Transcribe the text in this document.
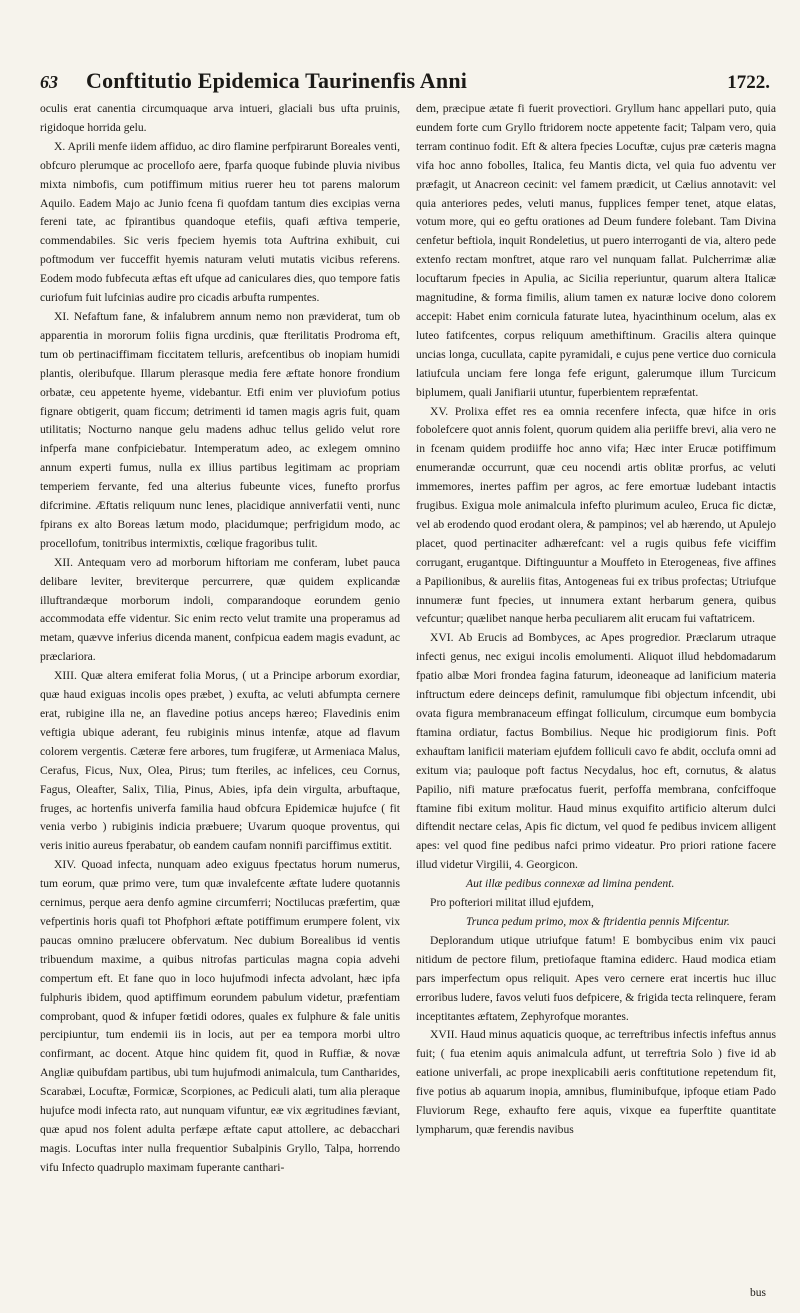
63	Conftitutio Epidemica Taurinenfis Anni	1722.

oculis erat canentia circumquaque arva intueri, glaciali bus ufta pruinis, rigidoque horrida gelu.

X. Aprili menfe iidem affiduo, ac diro flamine perfpirarunt Boreales venti, obfcuro plerumque ac procellofo aere, fparfa quoque fubinde pluvia nivibus mixta nimbofis, cum potiffimum mitius ruerer heu tot parens malorum Aquilo. Eadem Majo ac Junio fcena fi quofdam tantum dies excipias verna fereni tate, ac fpirantibus quandoque etefiis, quafi æftiva temperie, commendabiles. Sic veris fpeciem hyemis tota Auftrina exhibuit, cui poftmodum ver fucceffit hyemis naturam veluti mutatis vicibus referens. Eodem modo fubfecuta æftas eft ufque ad caniculares dies, quo tempore fatis curiofum fuit lufcinias audire pro cicadis arbufta rumpentes.

XI. Nefaftum fane, & infalubrem annum nemo non præviderat, tum ob apparentia in mororum foliis figna urcdinis, quæ fterilitatis Prodroma eft, tum ob pertinaciffimam ficcitatem telluris, arefcentibus ob inopiam humidi plantis, oleribufque. Illarum plerasque media fere æftate honore frondium orbatæ, ceu appetente hyeme, videbantur. Etfi enim ver pluviofum potius fignare obtigerit, quam ficcum; detrimenti id tamen magis agris fuit, quam utilitatis; Nocturno nanque gelu madens adhuc tellus gelido velut rore infperfa mane confpiciebatur. Intemperatum adeo, ac exlegem omnino annum experti fumus, nulla ex illius partibus legitimam ac propriam temperiem fervante, fed una alterius fubeunte vices, funefto prorfus difcrimine. Æftatis reliquum nunc lenes, placidique anniverfatii venti, nunc fpirans ex alto Boreas lætum modo, placidumque; perfrigidum modo, ac procellofum, tonitribus intermixtis, cœlique fragoribus tulit.

XII. Antequam vero ad morborum hiftoriam me conferam, lubet pauca delibare leviter, breviterque percurrere, quæ quidem explicandæ illuftrandæque morborum indoli, comparandoque eorundem genio accommodata effe videntur. Sic enim recto velut tramite una properamus ad metam, quævve inferius dicenda manent, confpicua eadem magis evadunt, ac præclariora.

XIII. Quæ altera emiferat folia Morus, ( ut a Principe arborum exordiar, quæ haud exiguas incolis opes præbet, ) exufta, ac veluti abfumpta cernere erat, rubigine illa ne, an flavedine potius anceps hæreo; Flavedinis enim veftigia ubique aderant, feu rubiginis minus intenfæ, atque ad flavum colorem vergentis. Cæteræ fere arbores, tum frugiferæ, ut Armeniaca Malus, Cerafus, Ficus, Nux, Olea, Pirus; tum fteriles, ac infelices, ceu Cornus, Fagus, Oleafter, Salix, Tilia, Pinus, Abies, ipfa dein virgulta, arbuftaque, fruges, ac hortenfis univerfa familia haud obfcura Epidemicæ hujufce ( fit venia verbo ) rubiginis indicia præbuere; Uvarum quoque proventus, qui veris initio aureus fperabatur, ob eandem caufam nonnifi parciffimus extitit.

XIV. Quoad infecta, nunquam adeo exiguus fpectatus horum numerus, tum eorum, quæ primo vere, tum quæ invalefcente æftate ludere quotannis cernimus, perque aera denfo agmine circumferri; Noctilucas præfertim, quæ vefpertinis horis quafi tot Phofphori æftate potiffimum erumpere folent, vix paucas omnino prælucere obfervatum. Nec dubium Borealibus id ventis tribuendum maxime, a quibus nitrofas particulas magna copia advehi compertum eft. Et fane quo in loco hujufmodi infecta advolant, hæc ipfa fulphuris ibidem, quod aptiffimum eorundem pabulum videtur, præfentiam comprobant, quod & infuper fœtidi odores, quales ex fulphure & fale unitis percipiuntur, tum endemii iis in locis, aut per ea tempora morbi ultro confirmant, ac docent. Atque hinc quidem fit, quod in Ruffiæ, & novæ Angliæ quibufdam partibus, ubi tum hujufmodi animalcula, tum Cantharides, Scarabæi, Locuftæ, Formicæ, Scorpiones, ac Pediculi alati, tum alia pleraque hujufce modi infecta rato, aut nunquam vifuntur, eæ vix ægritudines fæviant, quæ apud nos folent adulta perfæpe æftate caput attollere, ac debacchari magis. Locuftas inter nulla frequentior Subalpinis Gryllo, Talpa, horrendo vifu Infecto quadruplo maximam fuperante canthari-

dem, præcipue ætate fi fuerit provectiori. Gryllum hanc appellari puto, quia eundem forte cum Gryllo ftridorem nocte appetente facit; Talpam vero, quia terram continuo fodit. Eft & altera fpecies Locuftæ, cujus præ cæteris magna vifa hoc anno fobolles, Italica, feu Mantis dicta, vel quia fuo adventu ver præfagit, ut Anacreon cecinit: vel famem prædicit, ut Cælius annotavit: vel quia anteriores pedes, veluti manus, fupplices femper tenet, atque elatas, votum more, qui eo geftu orationes ad Deum fundere folebant. Tam Divina cenfetur beftiola, inquit Rondeletius, ut puero interroganti de via, altero pede extenfo rectam monftret, atque raro vel nunquam fallat. Pulcherrimæ aliæ locuftarum fpecies in Apulia, ac Sicilia reperiuntur, quarum altera Italicæ magnitudine, & forma fimilis, alium tamen ex naturæ locive dono colorem accepit: Habet enim cornicula faturate lutea, hyacinthinum ocelum, alas ex luteo fatifcentes, corpus reliquum amethiftinum. Gracilis altera quinque uncias longa, cucullata, capite pyramidali, e cujus pene vertice duo cornicula latiufcula unciam fere longa fefe erigunt, galerumque illum Turcicum biplumem, quali Janifiarii utuntur, fuperbientem repræfentat.

XV. Prolixa effet res ea omnia recenfere infecta, quæ hifce in oris fobolefcere quot annis folent, quorum quidem alia periiffe brevi, alia vero ne in fcenam quidem prodiiffe hoc anno vifa; Hæc inter Erucæ potiffimum enumerandæ occurrunt, quæ ceu nocendi artis oblitæ prorfus, ac veluti immemores, inertes paffim per agros, ac fere emortuæ ludebant intactis frugibus. Exigua mole animalcula infefto plurimum aculeo, Eruca fic dictæ, vel ab erodendo quod erodant olera, & pampinos; vel ab hærendo, ut Apulejo placet, quod pertinaciter adhærefcant: vel a rugis quibus fefe viciffim corrugant, erugantque. Diftinguuntur a Mouffeto in Eterogeneas, five affines a Papilionibus, & aureliis fitas, Antogeneas fui ex tribus profectas; Utriufque innumeræ funt fpecies, ut innumera extant herbarum genera, quibus vefcuntur; quælibet nanque herba peculiarem alit erucam fui vaftatricem.

XVI. Ab Erucis ad Bombyces, ac Apes progredior. Præclarum utraque infecti genus, nec exigui incolis emolumenti. Aliquot illud hebdomadarum fpatio albæ Mori frondea fagina faturum, ideoneaque ad lanificium materia inftructum edere deinceps definit, ramulumque fibi objectum infcendit, ubi ovata figura membranaceum effingat folliculum, circumque eum bombycia ftamina ordiatur, factus Bombilius. Neque hic prodigiorum finis. Poft exhauftam lanificii materiam ejufdem folliculi cavo fe abdit, occlufa omni ad exitum via; pauloque poft factus Necydalus, hoc eft, cornutus, & alatus Papilio, nifi mature præfocatus fuerit, perfoffa membrana, confciffoque ftamine fibi exitum molitur. Haud minus exquifito artificio alterum dulci diftendit nectare celas, Apis fic dictum, vel quod fe pedibus invicem alligent apes: vel quod fine pedibus nafci primo videatur. Pro priori ratione facere illud videtur Virgilii, 4. Georgicon.

Aut illæ pedibus connexæ ad limina pendent.

Pro pofteriori militat illud ejufdem,

Trunca pedum primo, mox & ftridentia pennis Mifcentur.

Deplorandum utique utriufque fatum! E bombycibus enim vix pauci nitidum de pectore filum, pretiofaque ftamina ediderc. Haud modica etiam pars imperfectum opus reliquit. Apes vero cernere erat incertis huc illuc erroribus ludere, favos veluti fuos defpicere, & frigida tecta relinquere, feram inceptitantes æftatem, Zephyrofque morantes.

XVII. Haud minus aquaticis quoque, ac terreftribus infectis infeftus annus fuit; ( fua etenim aquis animalcula adfunt, ut terreftria Solo ) five id ab eatione univerfali, ac prope inexplicabili aeris conftitutione repetendum fit, five potius ab aquarum inopia, amnibus, fluminibufque, ipfoque etiam Pado Fluviorum Rege, exhaufto fere aquis, vixque ea fuperftite quantitate lympharum, quæ ferendis navibus

bus
